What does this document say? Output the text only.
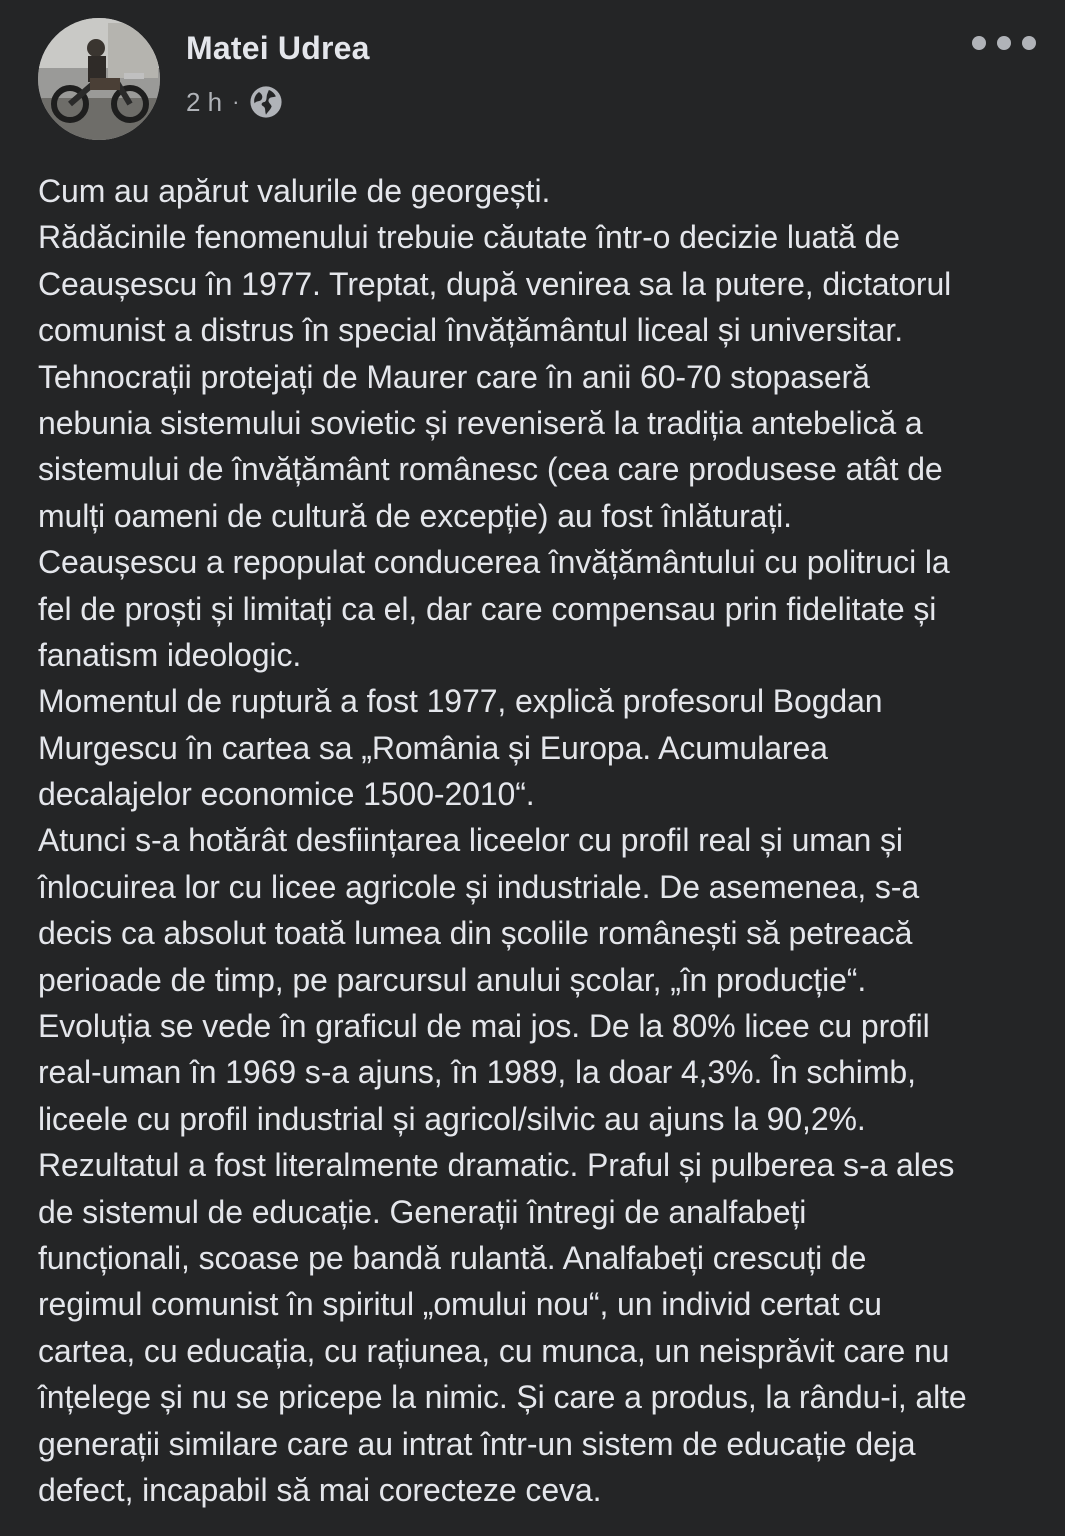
Matei Udrea
2 h ·
Cum au apărut valurile de georgești.
Rădăcinile fenomenului trebuie căutate într-o decizie luată de
Ceaușescu în 1977. Treptat, după venirea sa la putere, dictatorul
comunist a distrus în special învățământul liceal și universitar.
Tehnocrații protejați de Maurer care în anii 60-70 stopaseră
nebunia sistemului sovietic și reveniseră la tradiția antebelică a
sistemului de învățământ românesc (cea care produsese atât de
mulți oameni de cultură de excepție) au fost înlăturați.
Ceaușescu a repopulat conducerea învățământului cu politruci la
fel de proști și limitați ca el, dar care compensau prin fidelitate și
fanatism ideologic.
Momentul de ruptură a fost 1977, explică profesorul Bogdan
Murgescu în cartea sa „România și Europa. Acumularea
decalajelor economice 1500-2010“.
Atunci s-a hotărât desființarea liceelor cu profil real și uman și
înlocuirea lor cu licee agricole și industriale. De asemenea, s-a
decis ca absolut toată lumea din școlile românești să petreacă
perioade de timp, pe parcursul anului școlar, „în producție“.
Evoluția se vede în graficul de mai jos. De la 80% licee cu profil
real-uman în 1969 s-a ajuns, în 1989, la doar 4,3%. În schimb,
liceele cu profil industrial și agricol/silvic au ajuns la 90,2%.
Rezultatul a fost literalmente dramatic. Praful și pulberea s-a ales
de sistemul de educație. Generații întregi de analfabeți
funcționali, scoase pe bandă rulantă. Analfabeți crescuți de
regimul comunist în spiritul „omului nou“, un individ certat cu
cartea, cu educația, cu rațiunea, cu munca, un neisprăvit care nu
înțelege și nu se pricepe la nimic. Și care a produs, la rându-i, alte
generații similare care au intrat într-un sistem de educație deja
defect, incapabil să mai corecteze ceva.
